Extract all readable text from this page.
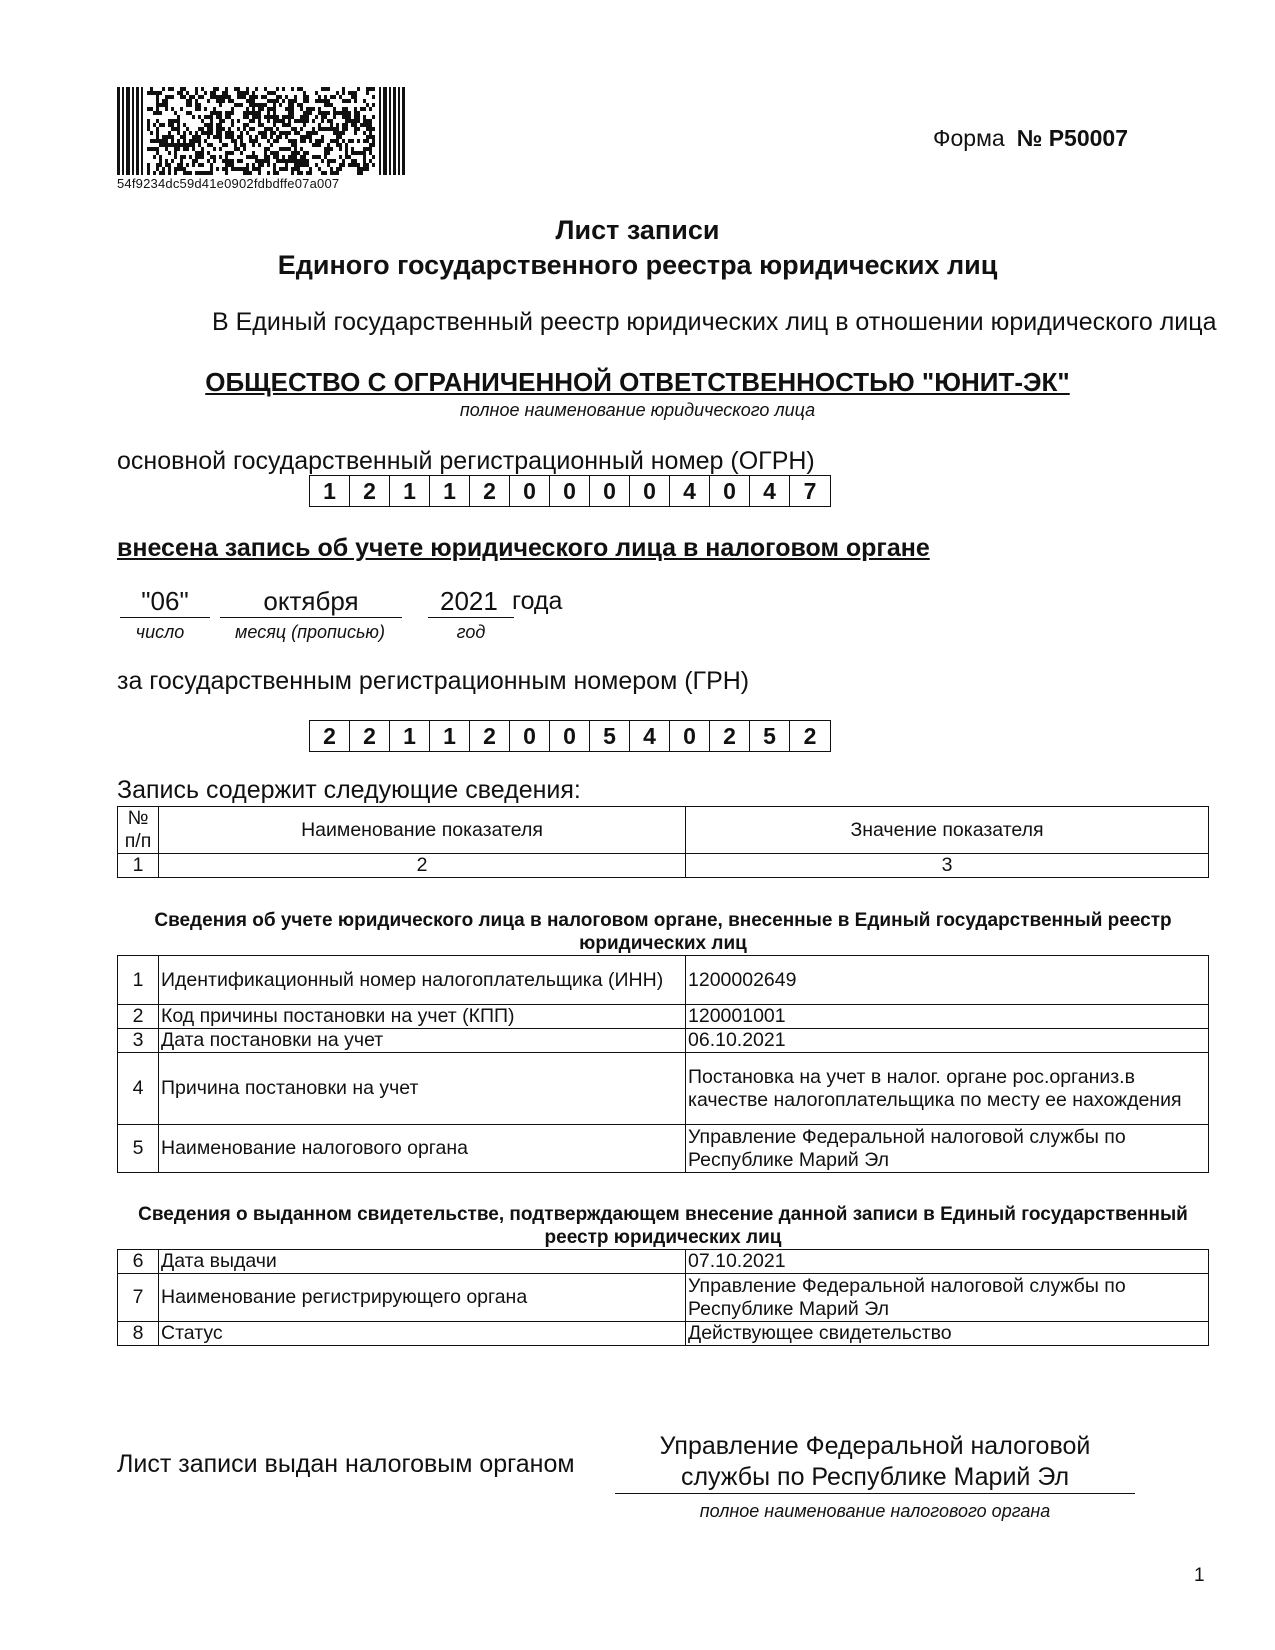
54f9234dc59d41e0902fdbdffe07a007
Форма № Р50007
Лист записи
Единого государственного реестра юридических лиц
В Единый государственный реестр юридических лиц в отношении юридического лица
ОБЩЕСТВО С ОГРАНИЧЕННОЙ ОТВЕТСТВЕННОСТЬЮ "ЮНИТ-ЭК"
полное наименование юридического лица
основной государственный регистрационный номер (ОГРН)
1	2	1	1	2	0	0	0	0	4	0	4	7
внесена запись об учете юридического лица в налоговом органе
"06"	октября	2021 года
число	месяц (прописью)	год
за государственным регистрационным номером (ГРН)
2	2	1	1	2	0	0	5	4	0	2	5	2
Запись содержит следующие сведения:
№ п/п	Наименование показателя	Значение показателя
1	2	3
Сведения об учете юридического лица в налоговом органе, внесенные в Единый государственный реестр юридических лиц
1	Идентификационный номер налогоплательщика (ИНН)	1200002649
2	Код причины постановки на учет (КПП)	120001001
3	Дата постановки на учет	06.10.2021
4	Причина постановки на учет	Постановка на учет в налог. органе рос.организ.в качестве налогоплательщика по месту ее нахождения
5	Наименование налогового органа	Управление Федеральной налоговой службы по Республике Марий Эл
Сведения о выданном свидетельстве, подтверждающем внесение данной записи в Единый государственный реестр юридических лиц
6	Дата выдачи	07.10.2021
7	Наименование регистрирующего органа	Управление Федеральной налоговой службы по Республике Марий Эл
8	Статус	Действующее свидетельство
Лист записи выдан налоговым органом
Управление Федеральной налоговой службы по Республике Марий Эл
полное наименование налогового органа
1
